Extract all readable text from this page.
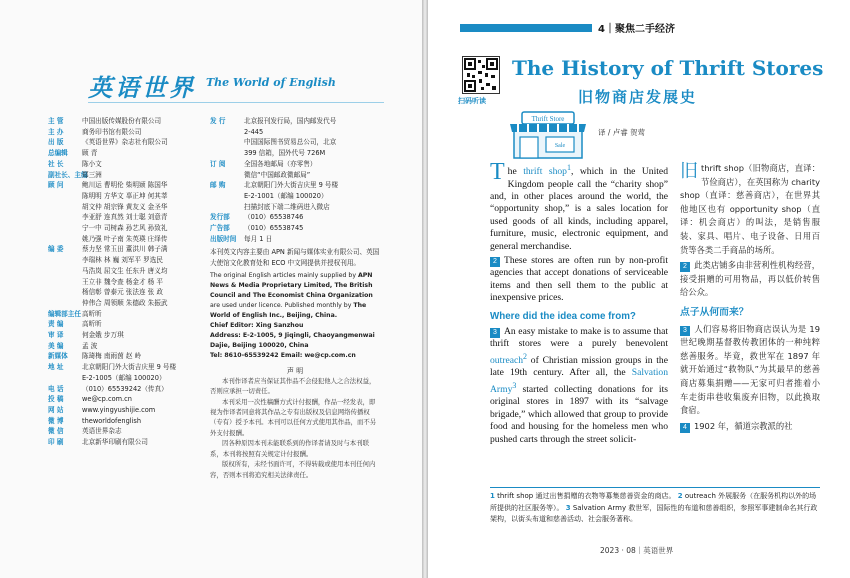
英语世界 The World of English
主 管	中国出版传媒股份有限公司
主 办	商务印书馆有限公司
出 版	《英语世界》杂志社有限公司
总编辑	顾 青
社 长	陈小文
副社长、主编
郑三洲
顾 问	鲍川运 曹明伦 柴明颎 陈国华
陈明明 方华文 辜正坤 何其莘
胡文仲 胡宗锋 黄友义 金圣华
李亚舒 连真然 刘士聪 刘意青
宁一中 司树森 孙艺风 孙致礼
姚乃强 叶子南 朱英瑛 庄绎传
编 委	蔡力坚 常玉田 董洪川 韩子满
李瑞林 林 巍 刘军平 罗选民
马浩岚 屈文生 任东升 唐义均
王立非 魏令查 杨金才 杨 平
杨信彰 曾泰元 张法连 张 政
仲伟合 周领顺 朱德政 朱振武
编辑部主任 高昕昕
责 编	高昕昕
审 译	何金娥 步万琪
美 编	孟 波
新媒体	陈琦梅 南雨茵 赵 岭
地 址	北京朝阳门外大街吉庆里 9 号楼
E-2-1005（邮编 100020）
电 话	（010）65539242（传真）
投 稿	we@cp.com.cn
网 站	www.yingyushijie.com
微 博	theworldofenglish
微 信	英语世界杂志
印 刷	北京新华印刷有限公司
发 行	北京报刊发行局，国内邮发代号
2-445
中国国际图书贸易总公司，北京
399 信箱，国外代号 726M
订 阅	全国各地邮局（亦零售）
微信“中国邮政微邮局”
邮 购	北京朝阳门外大街吉庆里 9 号楼
E-2-1001（邮编 100020）
扫描封底下端二维码进入微店
发行部	（010）65538746
广告部	（010）65538745
出版时间	每月 1 日
本刊英文内容主要由 APN 新闻与媒体实业有限公司、英国大使馆文化教育处和 ECO 中文网提供并授权刊用。
The original English articles mainly supplied by APN News & Media Proprietary Limited, The British Council and The Economist China Organization are used under licence. Published monthly by The World of English Inc., Beijing, China.
Chief Editor: Xing Sanzhou
Address: E-2-1005, 9 Jiqingli, Chaoyangmenwai Dajie, Beijing 100020, China
Tel: 8610-65539242 Email: we@cp.com.cn
声 明

本刊作译者应当保证其作品不会侵犯他人之合法权益，否则应承担一切责任。

本刊采用一次性稿酬方式计付报酬，作品一经发表，即视为作译者同意将其作品之专有出版权及信息网络传播权（专有）授予本刊。本刊可以任何方式使用其作品，而不另外支付报酬。

因各种原因本刊未能联系到的作译者请及时与本刊联系，本刊将按照有关规定计付报酬。

版权所有，未经书面许可，不得转载或使用本刊任何内容，否则本刊将追究相关法律责任。

4｜聚焦二手经济
扫码听读
The History of Thrift Stores
旧物商店发展史
Thrift Store
Sale
译 / 卢睿 贺莺

The thrift shop$^1$, which in the United Kingdom people call the “charity shop” and, in other places around the world, the “opportunity shop,” is a sales location for used goods of all kinds, including apparel, furniture, music, electronic equipment, and general merchandise.

2 These stores are often run by non-profit agencies that accept donations of serviceable items and then sell them to the public at inexpensive prices.

Where did the idea come from?

3 An easy mistake to make is to assume that thrift stores were a purely benevolent outreach$^2$ of Christian mission groups in the late 19th century. After all, the Salvation Army$^3$ started collecting donations for its original stores in 1897 with its “salvage brigade,” which allowed that group to provide food and housing for the homeless men who pushed carts through the street solicit-

旧thrift shop（旧物商店，直译：节俭商店），在英国称为 charity shop（直译：慈善商店），在世界其他地区也有 opportunity shop（直译：机会商店）的叫法，是销售服装、家具、唱片、电子设备、日用百货等各类二手商品的场所。

2 此类店铺多由非营利性机构经营，接受捐赠的可用物品，再以低价转售给公众。

点子从何而来？

3 人们容易将旧物商店误认为是 19 世纪晚期基督教传教团体的一种纯粹慈善服务。毕竟，救世军在 1897 年就开始通过“救物队”为其最早的慈善商店募集捐赠——无家可归者推着小车走街串巷收集废弃旧物，以此换取食宿。

4 1902 年，循道宗教派的社

1 thrift shop 通过出售捐赠的衣物等募集慈善资金的商店。 2 outreach 外展服务（在服务机构以外的场所提供的社区服务等）。 3 Salvation Army 救世军，国际性的布道和慈善组织，参照军事建制命名其行政架构，以街头布道和慈善活动、社会服务著称。
2023 · 08｜英语世界
